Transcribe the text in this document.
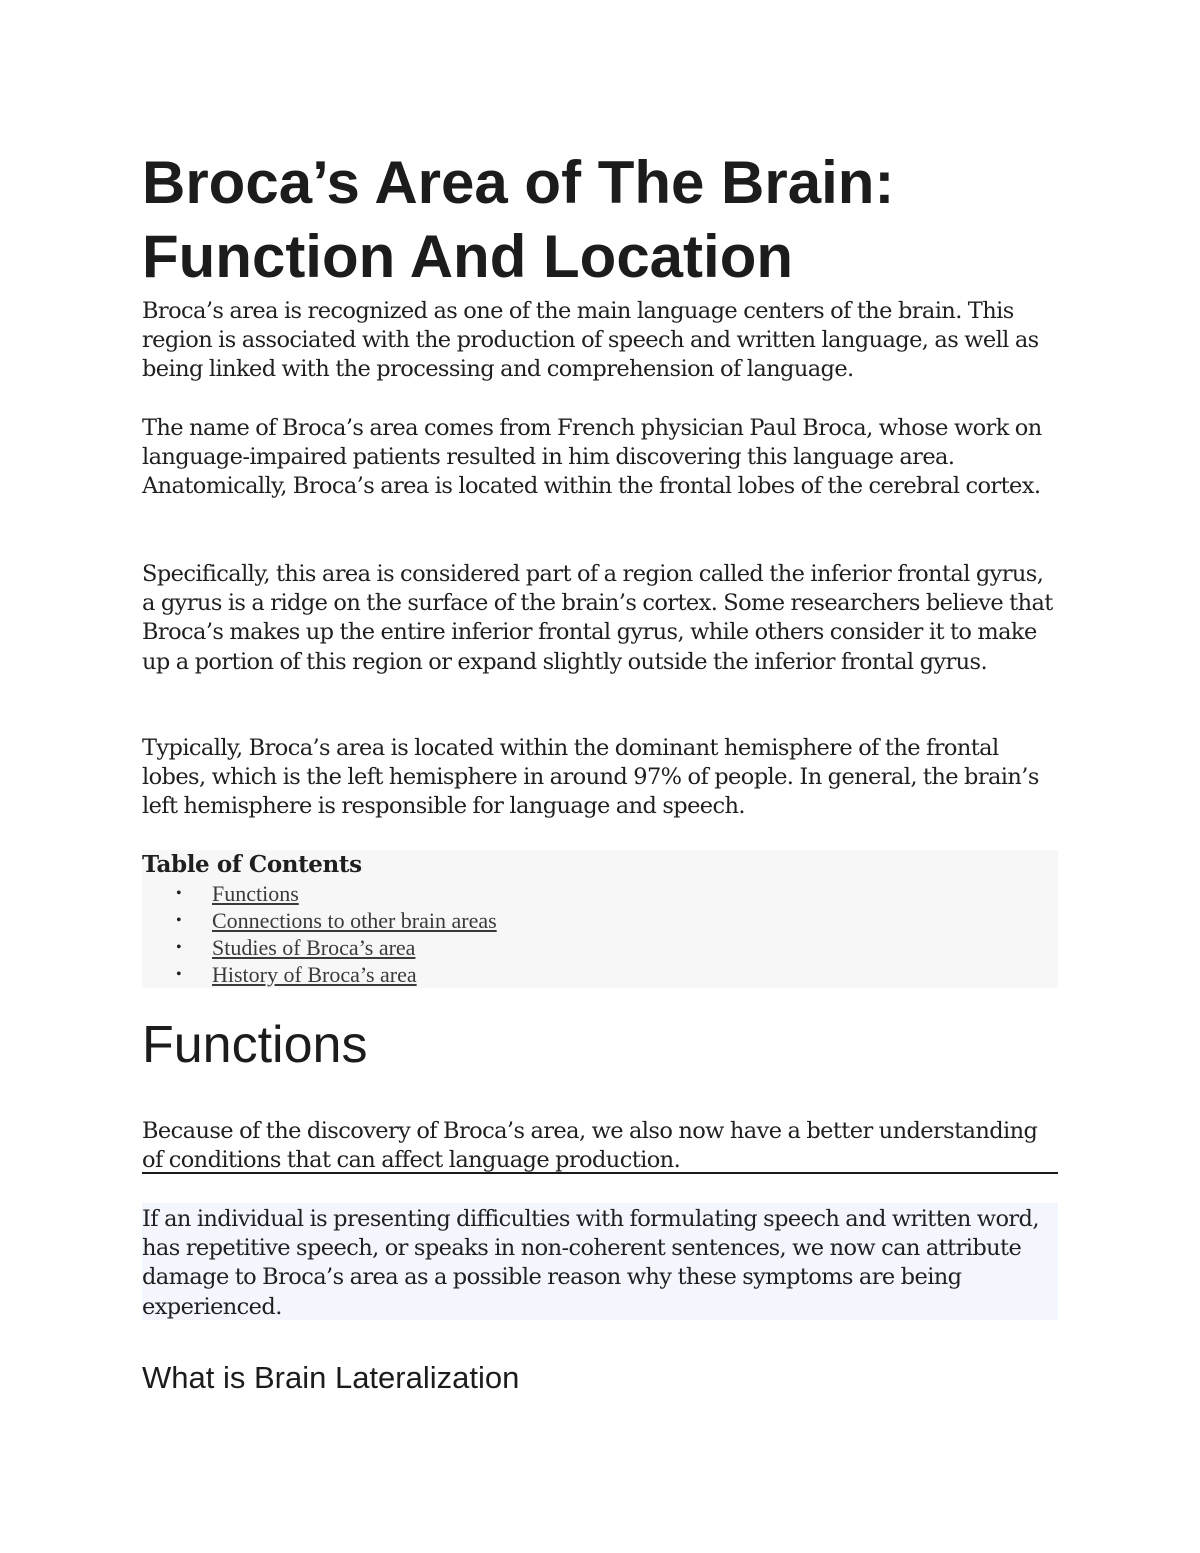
Broca’s Area of The Brain: Function And Location

Broca’s area is recognized as one of the main language centers of the brain. This region is associated with the production of speech and written language, as well as being linked with the processing and comprehension of language.

The name of Broca’s area comes from French physician Paul Broca, whose work on language-impaired patients resulted in him discovering this language area. Anatomically, Broca’s area is located within the frontal lobes of the cerebral cortex.

Specifically, this area is considered part of a region called the inferior frontal gyrus, a gyrus is a ridge on the surface of the brain’s cortex. Some researchers believe that Broca’s makes up the entire inferior frontal gyrus, while others consider it to make up a portion of this region or expand slightly outside the inferior frontal gyrus.

Typically, Broca’s area is located within the dominant hemisphere of the frontal lobes, which is the left hemisphere in around 97% of people. In general, the brain’s left hemisphere is responsible for language and speech.

Table of Contents

• Functions
• Connections to other brain areas
• Studies of Broca’s area
• History of Broca’s area
Functions

Because of the discovery of Broca’s area, we also now have a better understanding of conditions that can affect language production.

If an individual is presenting difficulties with formulating speech and written word, has repetitive speech, or speaks in non-coherent sentences, we now can attribute damage to Broca’s area as a possible reason why these symptoms are being experienced.

What is Brain Lateralization
